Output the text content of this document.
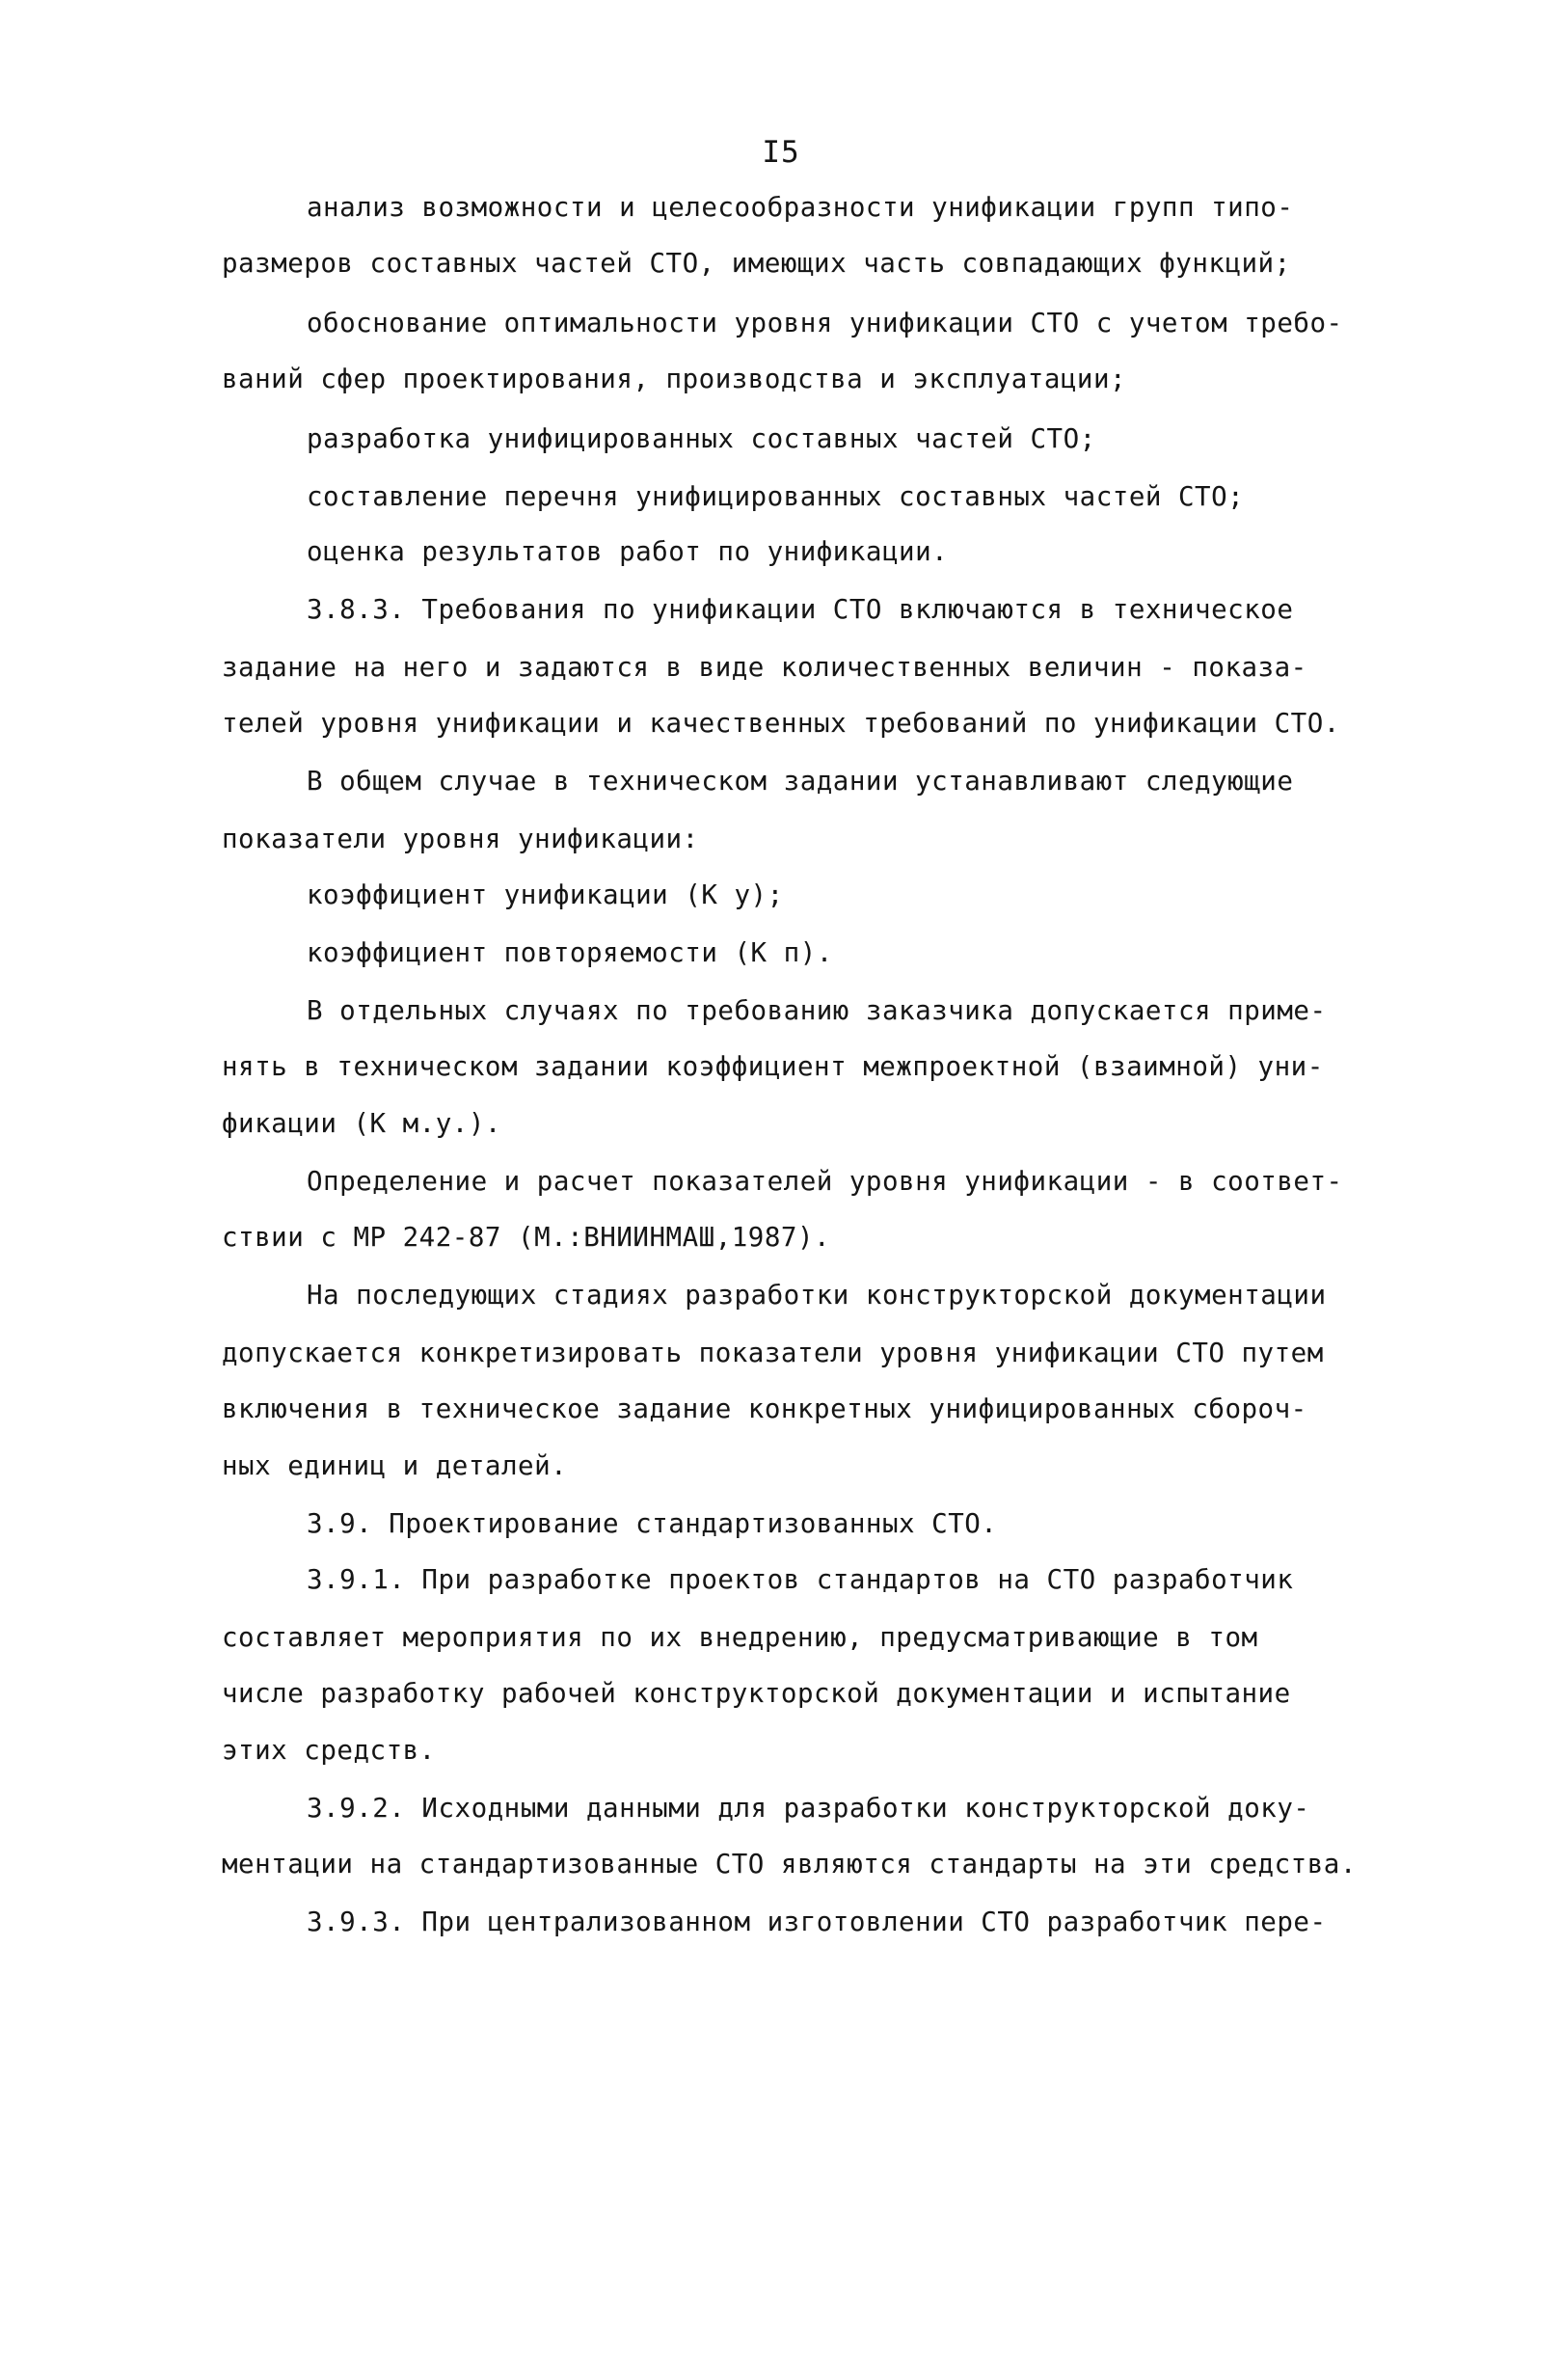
I5
анализ возможности и целесообразности унификации групп типо-
размеров составных частей СТО, имеющих часть совпадающих функций;
обоснование оптимальности уровня унификации СТО с учетом требо-
ваний сфер проектирования, производства и эксплуатации;
разработка унифицированных составных частей СТО;
составление перечня унифицированных составных частей СТО;
оценка результатов работ по унификации.
3.8.3. Требования по унификации СТО включаются в техническое
задание на него и задаются в виде количественных величин - показа-
телей уровня унификации и качественных требований по унификации СТО.
В общем случае в техническом задании устанавливают следующие
показатели уровня унификации:
коэффициент унификации (К у);
коэффициент повторяемости (К п).
В отдельных случаях по требованию заказчика допускается приме-
нять в техническом задании коэффициент межпроектной (взаимной) уни-
фикации (К м.у.).
Определение и расчет показателей уровня унификации - в соответ-
ствии с МР 242-87 (М.:ВНИИНМАШ,1987).
На последующих стадиях разработки конструкторской документации
допускается конкретизировать показатели уровня унификации СТО путем
включения в техническое задание конкретных унифицированных сбороч-
ных единиц и деталей.
3.9. Проектирование стандартизованных СТО.
3.9.1. При разработке проектов стандартов на СТО разработчик
составляет мероприятия по их внедрению, предусматривающие в том
числе разработку рабочей конструкторской документации и испытание
этих средств.
3.9.2. Исходными данными для разработки конструкторской доку-
ментации на стандартизованные СТО являются стандарты на эти средства.
3.9.3. При централизованном изготовлении СТО разработчик пере-
